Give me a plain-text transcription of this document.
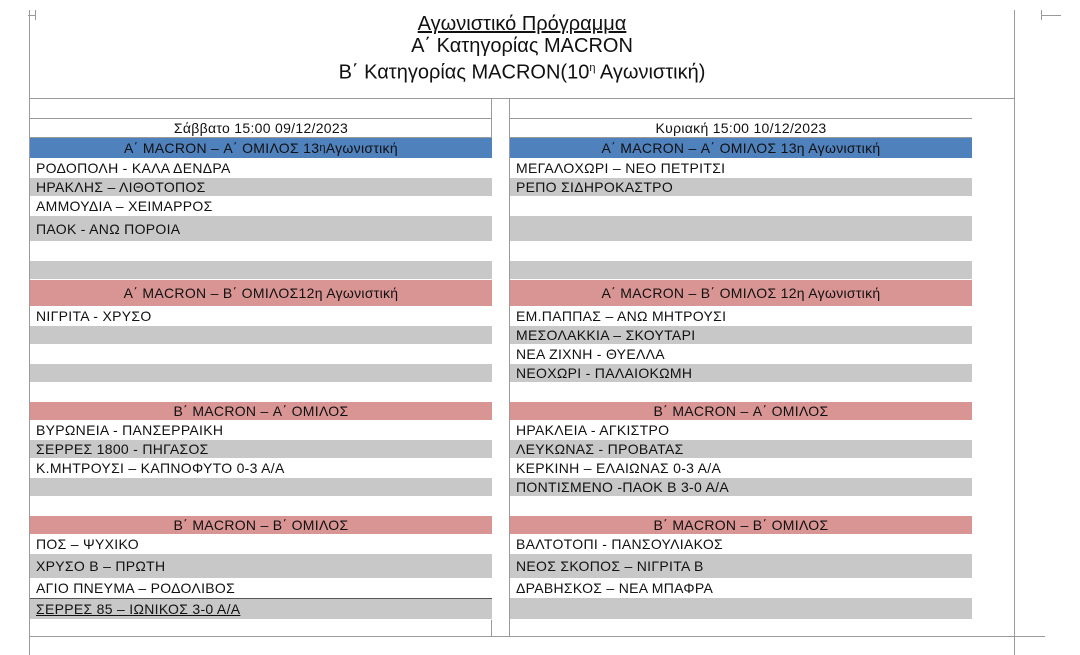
Αγωνιστικό Πρόγραμμα
Α΄ Κατηγορίας MACRON
Β΄ Κατηγορίας $MACRON(10^\eta$ Αγωνιστική)
Σάββατο 15:00 09/12/2023
Α΄ MACRON – Α΄ ΟΜΙΛΟΣ 13 η Αγωνιστική
ΡΟΔΟΠΟΛΗ - ΚΑΛΑ ΔΕΝΔΡΑ
ΗΡΑΚΛΗΣ – ΛΙΘΟΤΟΠΟΣ
ΑΜΜΟΥΔΙΑ – ΧΕΙΜΑΡΡΟΣ
ΠΑΟΚ - ΑΝΩ ΠΟΡΟΙΑ
Α΄ MACRON – Β΄ ΟΜΙΛΟΣ12η Αγωνιστική
ΝΙΓΡΙΤΑ - ΧΡΥΣΟ
Β΄ MACRON – Α΄ ΟΜΙΛΟΣ
ΒΥΡΩΝΕΙΑ - ΠΑΝΣΕΡΡΑΙΚΗ
ΣΕΡΡΕΣ 1800 - ΠΗΓΑΣΟΣ
Κ.ΜΗΤΡΟΥΣΙ – ΚΑΠΝΟΦΥΤΟ 0-3 Α/Α
Β΄ MACRON – Β΄ ΟΜΙΛΟΣ
ΠΟΣ – ΨΥΧΙΚΟ
ΧΡΥΣΟ Β – ΠΡΩΤΗ
ΑΓΙΟ ΠΝΕΥΜΑ – ΡΟΔΟΛΙΒΟΣ
ΣΕΡΡΕΣ 85 – ΙΩΝΙΚΟΣ 3-0 Α/Α
Κυριακή 15:00 10/12/2023
Α΄ MACRON – Α΄ ΟΜΙΛΟΣ 13η Αγωνιστική
ΜΕΓΑΛΟΧΩΡΙ – ΝΕΟ ΠΕΤΡΙΤΣΙ
ΡΕΠΟ ΣΙΔΗΡΟΚΑΣΤΡΟ
Α΄ MACRON – Β΄ ΟΜΙΛΟΣ 12η Αγωνιστική
ΕΜ.ΠΑΠΠΑΣ – ΑΝΩ ΜΗΤΡΟΥΣΙ
ΜΕΣΟΛΑΚΚΙΑ – ΣΚΟΥΤΑΡΙ
ΝΕΑ ΖΙΧΝΗ - ΘΥΕΛΛΑ
ΝΕΟΧΩΡΙ - ΠΑΛΑΙΟΚΩΜΗ
Β΄ MACRON – Α΄ ΟΜΙΛΟΣ
ΗΡΑΚΛΕΙΑ - ΑΓΚΙΣΤΡΟ
ΛΕΥΚΩΝΑΣ - ΠΡΟΒΑΤΑΣ
ΚΕΡΚΙΝΗ – ΕΛΑΙΩΝΑΣ 0-3 Α/Α
ΠΟΝΤΙΣΜΕΝΟ -ΠΑΟΚ Β 3-0 Α/Α
Β΄ MACRON – Β΄ ΟΜΙΛΟΣ
ΒΑΛΤΟΤΟΠΙ - ΠΑΝΣΟΥΛΙΑΚΟΣ
ΝΕΟΣ ΣΚΟΠΟΣ – ΝΙΓΡΙΤΑ Β
ΔΡΑΒΗΣΚΟΣ – ΝΕΑ ΜΠΑΦΡΑ
